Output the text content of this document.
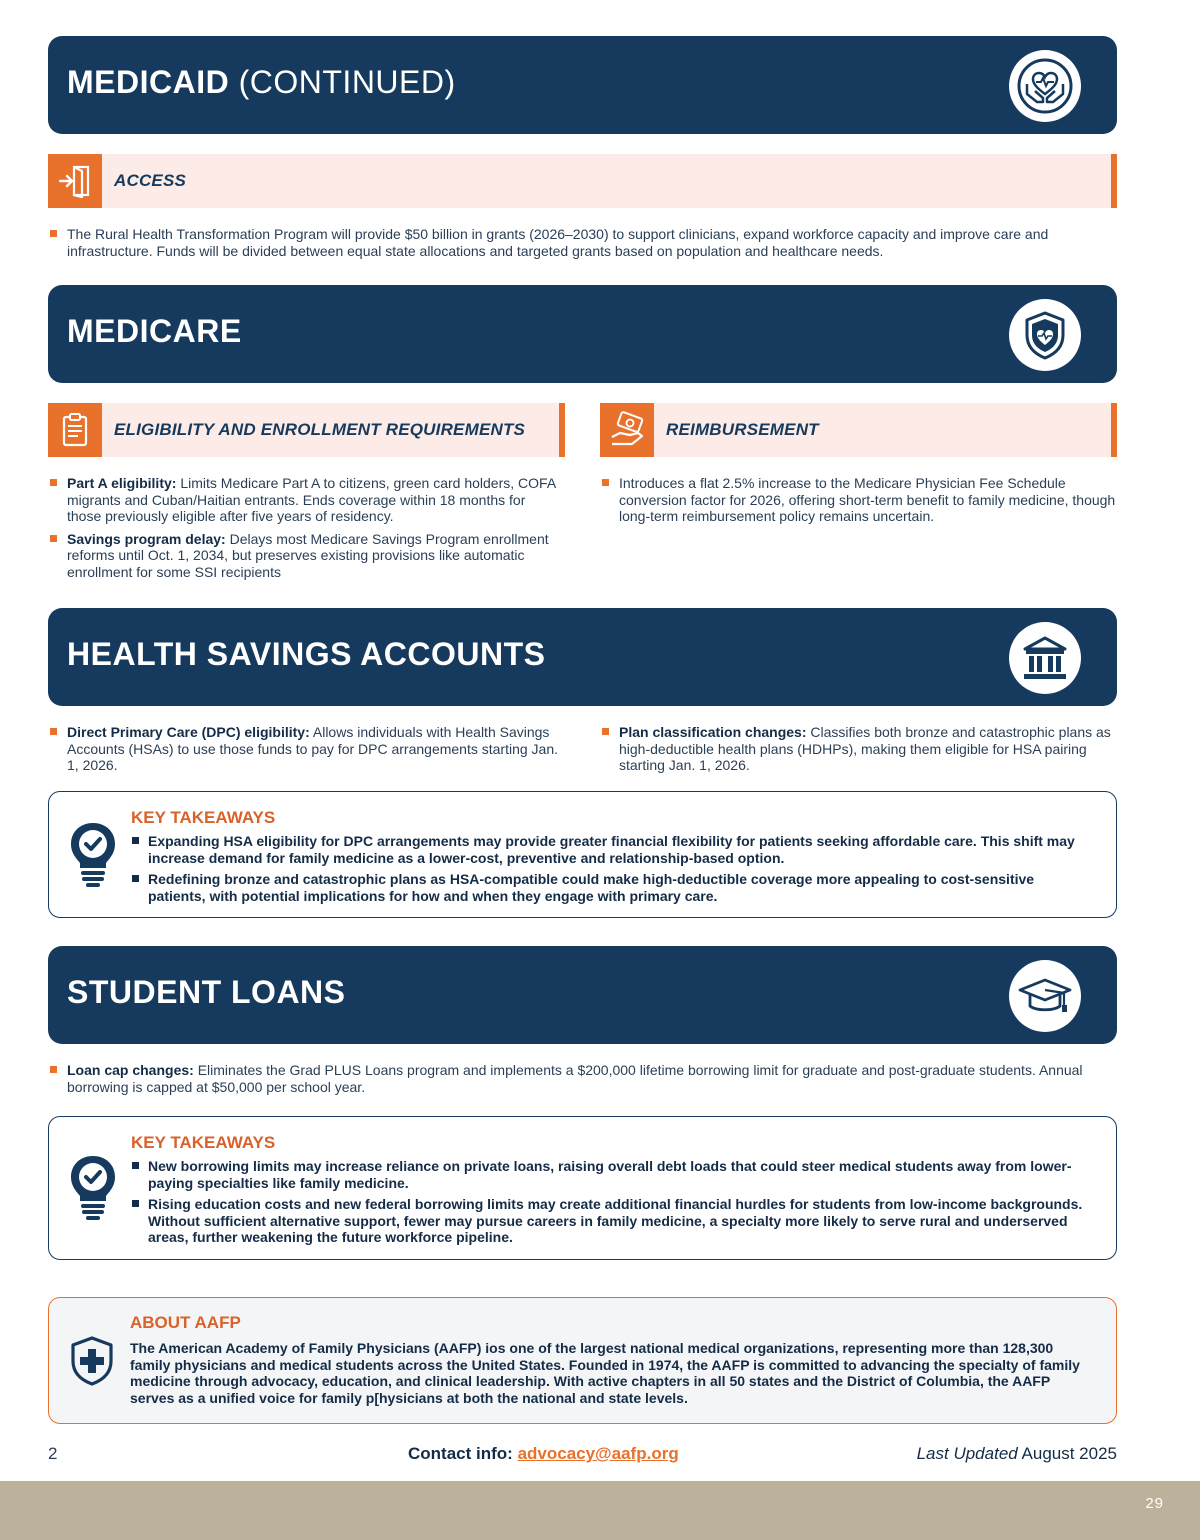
MEDICAID (CONTINUED)
ACCESS
The Rural Health Transformation Program will provide $50 billion in grants (2026–2030) to support clinicians, expand workforce capacity and improve care and infrastructure. Funds will be divided between equal state allocations and targeted grants based on population and healthcare needs.
MEDICARE
ELIGIBILITY AND ENROLLMENT REQUIREMENTS	REIMBURSEMENT
Part A eligibility: Limits Medicare Part A to citizens, green card holders, COFA migrants and Cuban/Haitian entrants. Ends coverage within 18 months for those previously eligible after five years of residency.
Savings program delay: Delays most Medicare Savings Program enrollment reforms until Oct. 1, 2034, but preserves existing provisions like automatic enrollment for some SSI recipients
Introduces a flat 2.5% increase to the Medicare Physician Fee Schedule conversion factor for 2026, offering short-term benefit to family medicine, though long-term reimbursement policy remains uncertain.
HEALTH SAVINGS ACCOUNTS
Direct Primary Care (DPC) eligibility: Allows individuals with Health Savings Accounts (HSAs) to use those funds to pay for DPC arrangements starting Jan. 1, 2026.
Plan classification changes: Classifies both bronze and catastrophic plans as high-deductible health plans (HDHPs), making them eligible for HSA pairing starting Jan. 1, 2026.
KEY TAKEAWAYS
Expanding HSA eligibility for DPC arrangements may provide greater financial flexibility for patients seeking affordable care. This shift may increase demand for family medicine as a lower-cost, preventive and relationship-based option.
Redefining bronze and catastrophic plans as HSA-compatible could make high-deductible coverage more appealing to cost-sensitive patients, with potential implications for how and when they engage with primary care.
STUDENT LOANS
Loan cap changes: Eliminates the Grad PLUS Loans program and implements a $200,000 lifetime borrowing limit for graduate and post-graduate students. Annual borrowing is capped at $50,000 per school year.
KEY TAKEAWAYS
New borrowing limits may increase reliance on private loans, raising overall debt loads that could steer medical students away from lower-paying specialties like family medicine.
Rising education costs and new federal borrowing limits may create additional financial hurdles for students from low-income backgrounds. Without sufficient alternative support, fewer may pursue careers in family medicine, a specialty more likely to serve rural and underserved areas, further weakening the future workforce pipeline.
ABOUT AAFP
The American Academy of Family Physicians (AAFP) ios one of the largest national medical organizations, representing more than 128,300 family physicians and medical students across the United States. Founded in 1974, the AAFP is committed to advancing the specialty of family medicine through advocacy, education, and clinical leadership. With active chapters in all 50 states and the District of Columbia, the AAFP serves as a unified voice for family p[hysicians at both the national and state levels.
2	Contact info: advocacy@aafp.org	Last Updated August 2025
29
